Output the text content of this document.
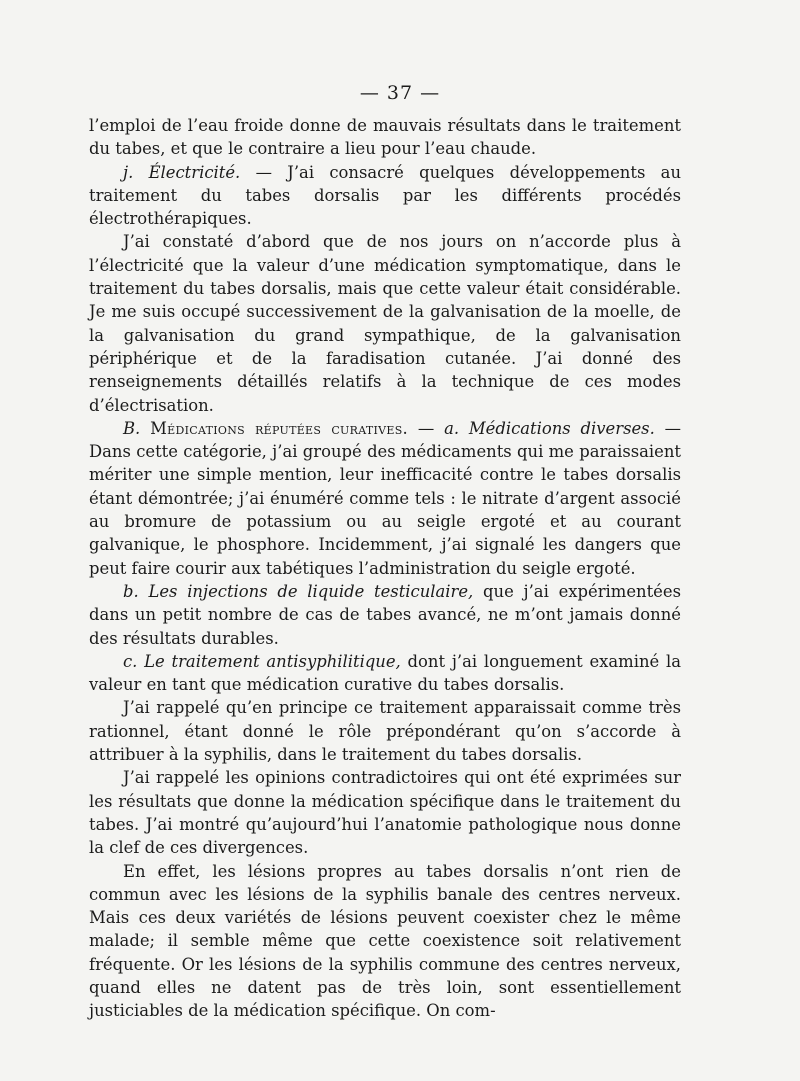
— 37 —

l’emploi de l’eau froide donne de mauvais résultats dans le traitement du tabes, et que le contraire a lieu pour l’eau chaude.

j. Électricité. — J’ai consacré quelques développements au traitement du tabes dorsalis par les différents procédés électrothérapiques.

J’ai constaté d’abord que de nos jours on n’accorde plus à l’électricité que la valeur d’une médication symptomatique, dans le traitement du tabes dorsalis, mais que cette valeur était considérable. Je me suis occupé successivement de la galvanisation de la moelle, de la galvanisation du grand sympathique, de la galvanisation périphérique et de la faradisation cutanée. J’ai donné des renseignements détaillés relatifs à la technique de ces modes d’électrisation.

B. Médications réputées curatives. — a. Médications diverses. — Dans cette catégorie, j’ai groupé des médicaments qui me paraissaient mériter une simple mention, leur inefficacité contre le tabes dorsalis étant démontrée; j’ai énuméré comme tels : le nitrate d’argent associé au bromure de potassium ou au seigle ergoté et au courant galvanique, le phosphore. Incidemment, j’ai signalé les dangers que peut faire courir aux tabétiques l’administration du seigle ergoté.

b. Les injections de liquide testiculaire, que j’ai expérimentées dans un petit nombre de cas de tabes avancé, ne m’ont jamais donné des résultats durables.

c. Le traitement antisyphilitique, dont j’ai longuement examiné la valeur en tant que médication curative du tabes dorsalis.

J’ai rappelé qu’en principe ce traitement apparaissait comme très rationnel, étant donné le rôle prépondérant qu’on s’accorde à attribuer à la syphilis, dans le traitement du tabes dorsalis.

J’ai rappelé les opinions contradictoires qui ont été exprimées sur les résultats que donne la médication spécifique dans le traitement du tabes. J’ai montré qu’aujourd’hui l’anatomie pathologique nous donne la clef de ces divergences.

En effet, les lésions propres au tabes dorsalis n’ont rien de commun avec les lésions de la syphilis banale des centres nerveux. Mais ces deux variétés de lésions peuvent coexister chez le même malade; il semble même que cette coexistence soit relativement fréquente. Or les lésions de la syphilis commune des centres nerveux, quand elles ne datent pas de très loin, sont essentiellement justiciables de la médication spécifique. On com-
